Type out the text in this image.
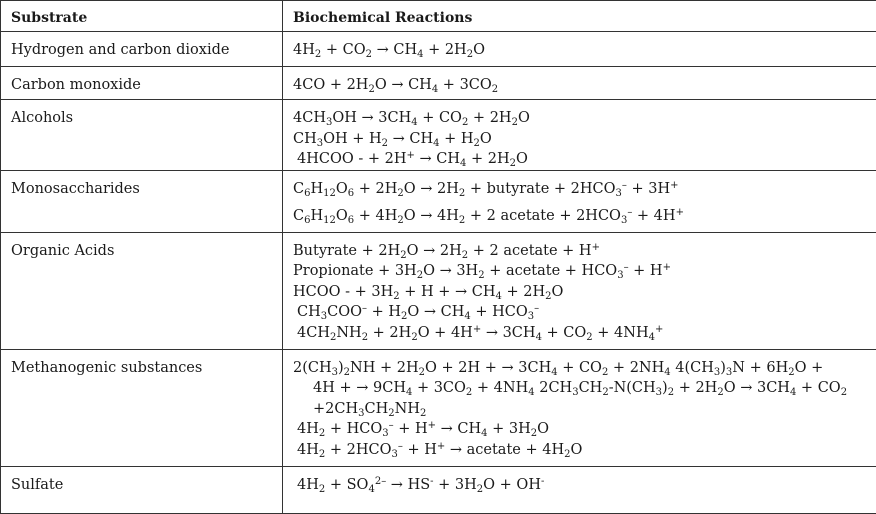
Substrate	Biochemical Reactions
Hydrogen and carbon dioxide	$4H_2 + CO_2 \to CH_4 + 2H_2O$

Carbon monoxide	$4CO + 2H_2O \to CH_4 + 3CO_2$

Alcohols	$4CH_3OH \to 3CH_4 + CO_2 + 2H_2O$
$CH_3OH + H_2 \to CH_4 + H_2O$
4HCOO - + $2H^+ \to CH_4 + 2H_2O$

Monosaccharides	$C_6H_{12}O_6 + 2H_2O \to 2H_2$ + butyrate + $2HCO_3^- + 3H^+$
$C_6H_{12}O_6 + 4H_2O \to 4H_2 + 2$ acetate + $2HCO_3^- + 4H^+$

Organic Acids	Butyrate + $2H_2O \to 2H_2 + 2$ acetate + H+
Propionate + $3H_2O \to 3H_2$ + acetate + $HCO_3^- + H^+$
HCOO - + $3H_2 + H$ + → $CH_4 + 2H_2O$
$CH_3COO^- + H_2O \to CH_4 + HCO_3^-$
$4CH_2NH_2 + 2H_2O + 4H^+ \to 3CH_4 + CO_2 + 4NH_4^+$

Methanogenic substances	$2(CH_3)_2NH + 2H_2O + 2H$ + → $3CH_4 + CO_2 + 2NH_4$ $4(CH_3)_3N + 6H_2O$ +
4H + → $9CH_4 + 3CO_2 + 4NH_4$ $2CH_3CH_2-N(CH_3)_2 + 2H_2O \to 3CH_4 + CO_2$
$+2CH_3CH_2NH_2$
$4H_2 + HCO_3^- + H^+ \to CH_4 + 3H_2O$
$4H_2 + 2HCO_3^- + H^+$ → acetate + $4H_2O$

Sulfate	$4H_2 + SO_4^{2-} \to HS^- + 3H_2O + OH^-$
